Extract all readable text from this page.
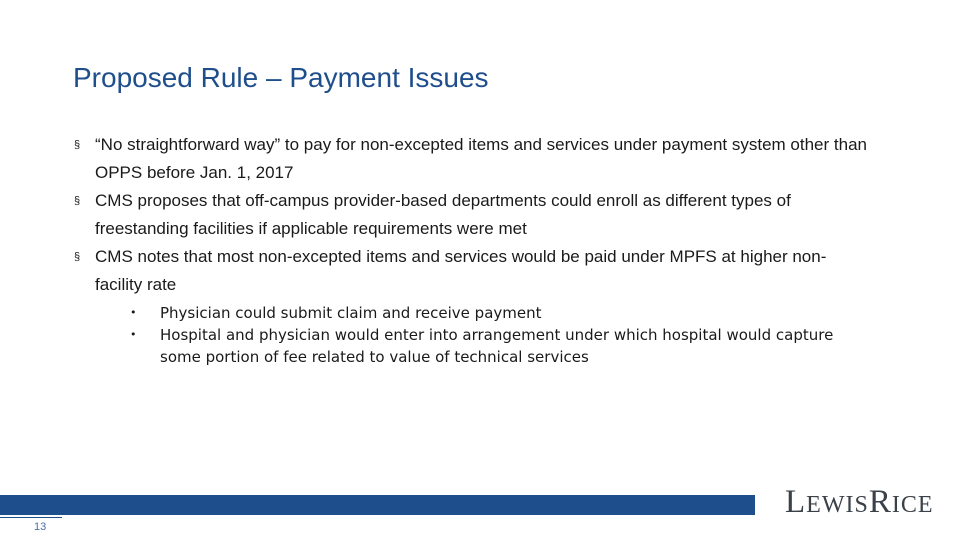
Proposed Rule – Payment Issues
§ “No straightforward way” to pay for non-excepted items and services under payment system other than OPPS before Jan. 1, 2017
§ CMS proposes that off-campus provider-based departments could enroll as different types of freestanding facilities if applicable requirements were met
§ CMS notes that most non-excepted items and services would be paid under MPFS at higher non-facility rate
• Physician could submit claim and receive payment
• Hospital and physician would enter into arrangement under which hospital would capture some portion of fee related to value of technical services
13
LEWISRICE
